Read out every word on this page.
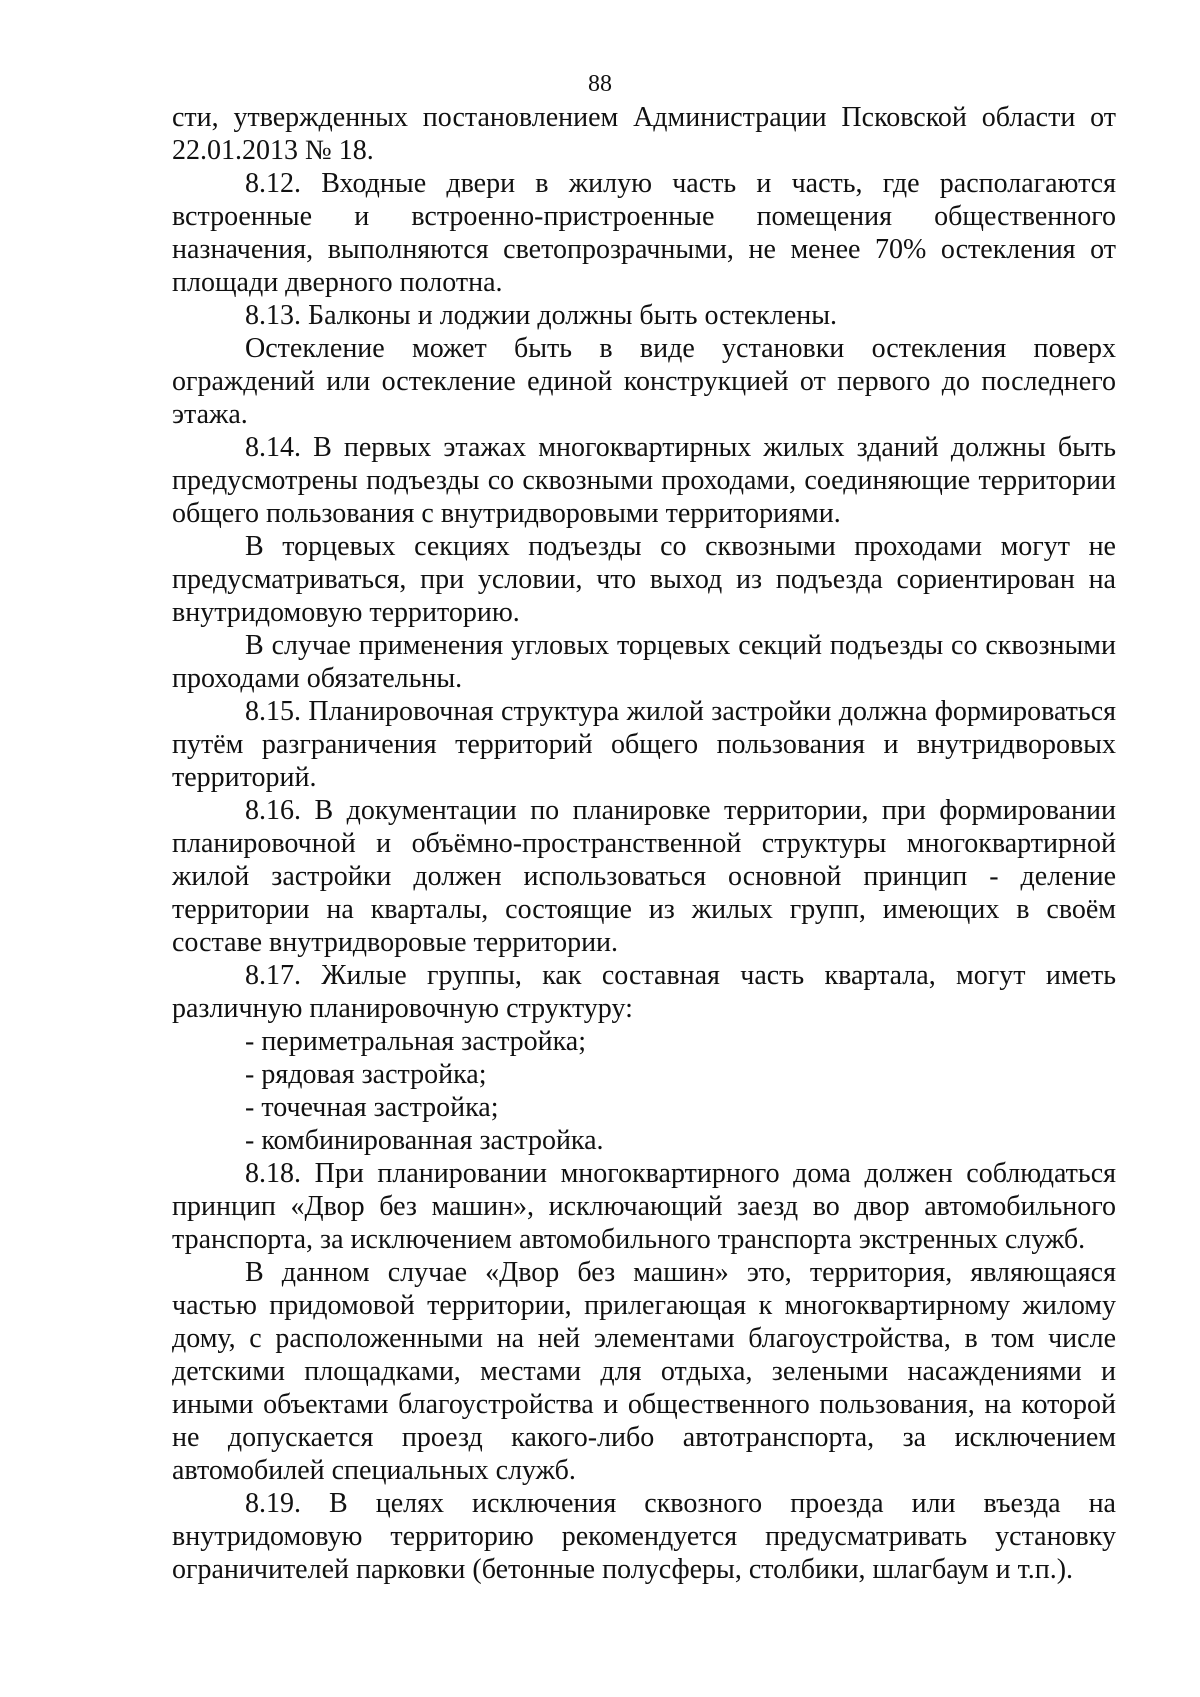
88

сти, утвержденных постановлением Администрации Псковской области от 22.01.2013 № 18.

8.12. Входные двери в жилую часть и часть, где располагаются встроенные и встроенно-пристроенные помещения общественного назначения, выполняются светопрозрачными, не менее 70% остекления от площади дверного полотна.

8.13. Балконы и лоджии должны быть остеклены.

Остекление может быть в виде установки остекления поверх ограждений или остекление единой конструкцией от первого до последнего этажа.

8.14. В первых этажах многоквартирных жилых зданий должны быть предусмотрены подъезды со сквозными проходами, соединяющие территории общего пользования с внутридворовыми территориями.

В торцевых секциях подъезды со сквозными проходами могут не предусматриваться, при условии, что выход из подъезда сориентирован на внутридомовую территорию.

В случае применения угловых торцевых секций подъезды со сквозными проходами обязательны.

8.15. Планировочная структура жилой застройки должна формироваться путём разграничения территорий общего пользования и внутридворовых территорий.

8.16. В документации по планировке территории, при формировании планировочной и объёмно-пространственной структуры многоквартирной жилой застройки должен использоваться основной принцип - деление территории на кварталы, состоящие из жилых групп, имеющих в своём составе внутридворовые территории.

8.17. Жилые группы, как составная часть квартала, могут иметь различную планировочную структуру:

- периметральная застройка;

- рядовая застройка;

- точечная застройка;

- комбинированная застройка.

8.18. При планировании многоквартирного дома должен соблюдаться принцип «Двор без машин», исключающий заезд во двор автомобильного транспорта, за исключением автомобильного транспорта экстренных служб.

В данном случае «Двор без машин» это, территория, являющаяся частью придомовой территории, прилегающая к многоквартирному жилому дому, с расположенными на ней элементами благоустройства, в том числе детскими площадками, местами для отдыха, зелеными насаждениями и иными объектами благоустройства и общественного пользования, на которой не допускается проезд какого-либо автотранспорта, за исключением автомобилей специальных служб.

8.19. В целях исключения сквозного проезда или въезда на внутридомовую территорию рекомендуется предусматривать установку ограничителей парковки (бетонные полусферы, столбики, шлагбаум и т.п.).
